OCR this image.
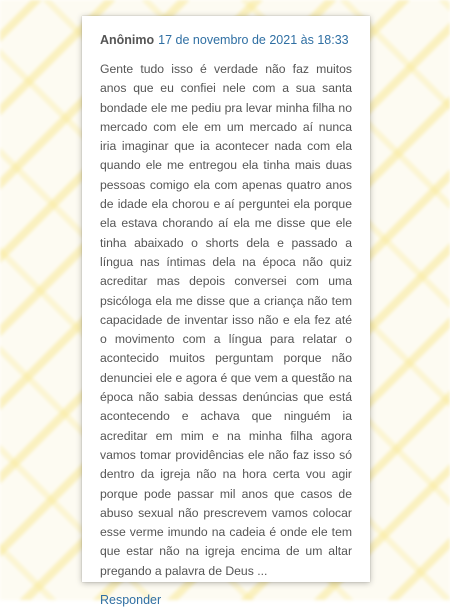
Anônimo 17 de novembro de 2021 às 18:33

Gente tudo isso é verdade não faz muitos anos que eu confiei nele com a sua santa bondade ele me pediu pra levar minha filha no mercado com ele em um mercado aí nunca iria imaginar que ia acontecer nada com ela quando ele me entregou ela tinha mais duas pessoas comigo ela com apenas quatro anos de idade ela chorou e aí perguntei ela porque ela estava chorando aí ela me disse que ele tinha abaixado o shorts dela e passado a língua nas íntimas dela na época não quiz acreditar mas depois conversei com uma psicóloga ela me disse que a criança não tem capacidade de inventar isso não e ela fez até o movimento com a língua para relatar o acontecido muitos perguntam porque não denunciei ele e agora é que vem a questão na época não sabia dessas denúncias que está acontecendo e achava que ninguém ia acreditar em mim e na minha filha agora vamos tomar providências ele não faz isso só dentro da igreja não na hora certa vou agir porque pode passar mil anos que casos de abuso sexual não prescrevem vamos colocar esse verme imundo na cadeia é onde ele tem que estar não na igreja encima de um altar pregando a palavra de Deus ...

Responder
